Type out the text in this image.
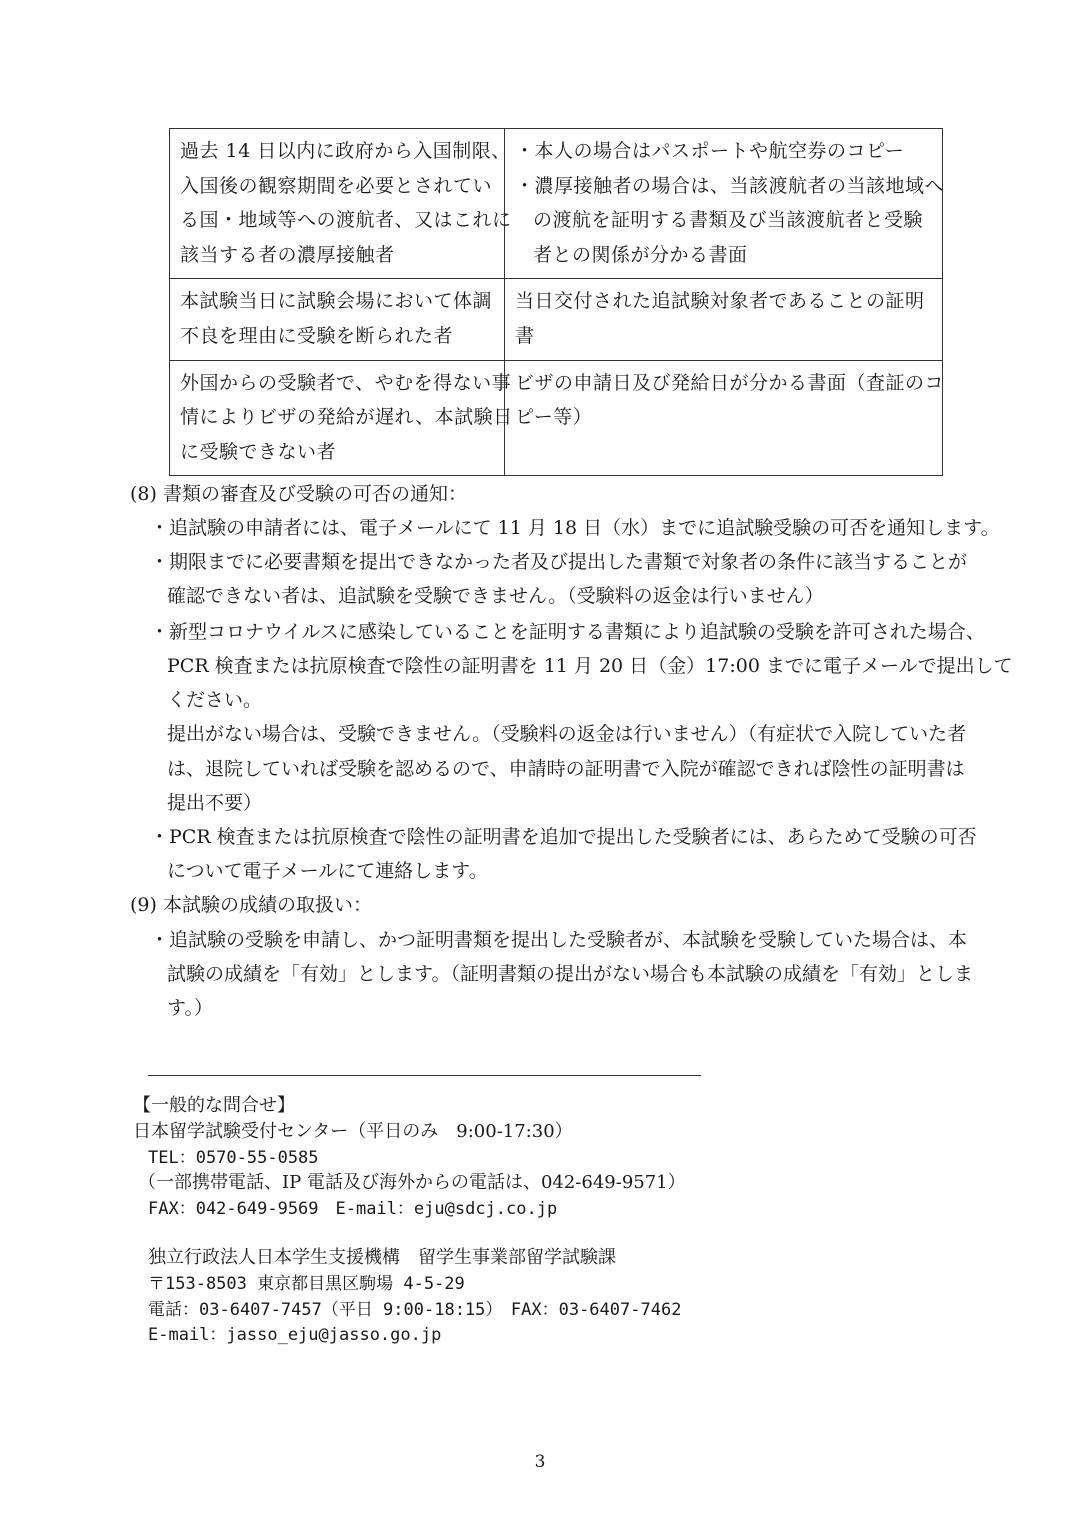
過去 14 日以内に政府から入国制限、
入国後の観察期間を必要とされてい
る国・地域等への渡航者、又はこれに
該当する者の濃厚接触者	・本人の場合はパスポートや航空券のコピー
・濃厚接触者の場合は、当該渡航者の当該地域へ
の渡航を証明する書類及び当該渡航者と受験
者との関係が分かる書面

本試験当日に試験会場において体調
不良を理由に受験を断られた者	当日交付された追試験対象者であることの証明
書

外国からの受験者で、やむを得ない事
情によりビザの発給が遅れ、本試験日
に受験できない者	ビザの申請日及び発給日が分かる書面（査証のコ
ピー等）
(8) 書類の審査及び受験の可否の通知：
・追試験の申請者には、電子メールにて 11 月 18 日（水）までに追試験受験の可否を通知します。
・期限までに必要書類を提出できなかった者及び提出した書類で対象者の条件に該当することが
確認できない者は、追試験を受験できません。（受験料の返金は行いません）
・新型コロナウイルスに感染していることを証明する書類により追試験の受験を許可された場合、
PCR 検査または抗原検査で陰性の証明書を 11 月 20 日（金）17:00 までに電子メールで提出して
ください。
提出がない場合は、受験できません。（受験料の返金は行いません）（有症状で入院していた者
は、退院していれば受験を認めるので、申請時の証明書で入院が確認できれば陰性の証明書は
提出不要）
・PCR 検査または抗原検査で陰性の証明書を追加で提出した受験者には、あらためて受験の可否
について電子メールにて連絡します。
(9) 本試験の成績の取扱い：
・追試験の受験を申請し、かつ証明書類を提出した受験者が、本試験を受験していた場合は、本
試験の成績を「有効」とします。（証明書類の提出がない場合も本試験の成績を「有効」としま
す。）
【一般的な問合せ】
日本留学試験受付センター（平日のみ　9:00-17:30）
TEL：0570-55-0585
（一部携帯電話、IP 電話及び海外からの電話は、042-649-9571）
FAX：042-649-9569　E-mail：eju@sdcj.co.jp
独立行政法人日本学生支援機構　留学生事業部留学試験課
〒153-8503 東京都目黒区駒場 4-5-29
電話：03-6407-7457（平日 9:00-18:15）　FAX：03-6407-7462
E-mail：jasso_eju@jasso.go.jp
3
